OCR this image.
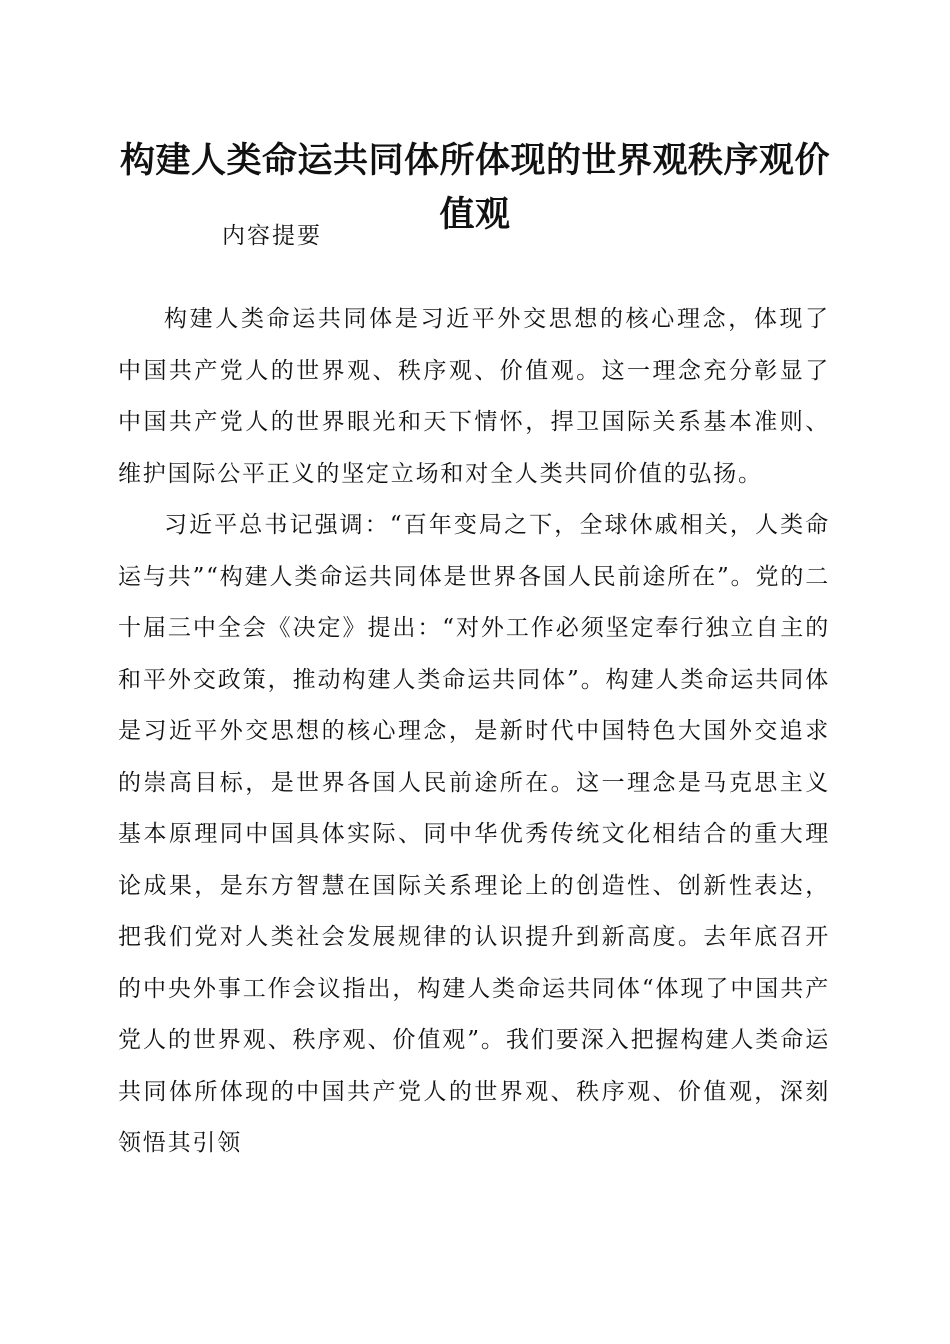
构建人类命运共同体所体现的世界观秩序观价值观

内容提要

构建人类命运共同体是习近平外交思想的核心理念，体现了中国共产党人的世界观、秩序观、价值观。这一理念充分彰显了中国共产党人的世界眼光和天下情怀，捍卫国际关系基本准则、维护国际公平正义的坚定立场和对全人类共同价值的弘扬。

习近平总书记强调：“百年变局之下，全球休戚相关，人类命运与共”“构建人类命运共同体是世界各国人民前途所在”。党的二十届三中全会《决定》提出：“对外工作必须坚定奉行独立自主的和平外交政策，推动构建人类命运共同体”。构建人类命运共同体是习近平外交思想的核心理念，是新时代中国特色大国外交追求的崇高目标，是世界各国人民前途所在。这一理念是马克思主义基本原理同中国具体实际、同中华优秀传统文化相结合的重大理论成果，是东方智慧在国际关系理论上的创造性、创新性表达，把我们党对人类社会发展规律的认识提升到新高度。去年底召开的中央外事工作会议指出，构建人类命运共同体“体现了中国共产党人的世界观、秩序观、价值观”。我们要深入把握构建人类命运共同体所体现的中国共产党人的世界观、秩序观、价值观，深刻领悟其引领
